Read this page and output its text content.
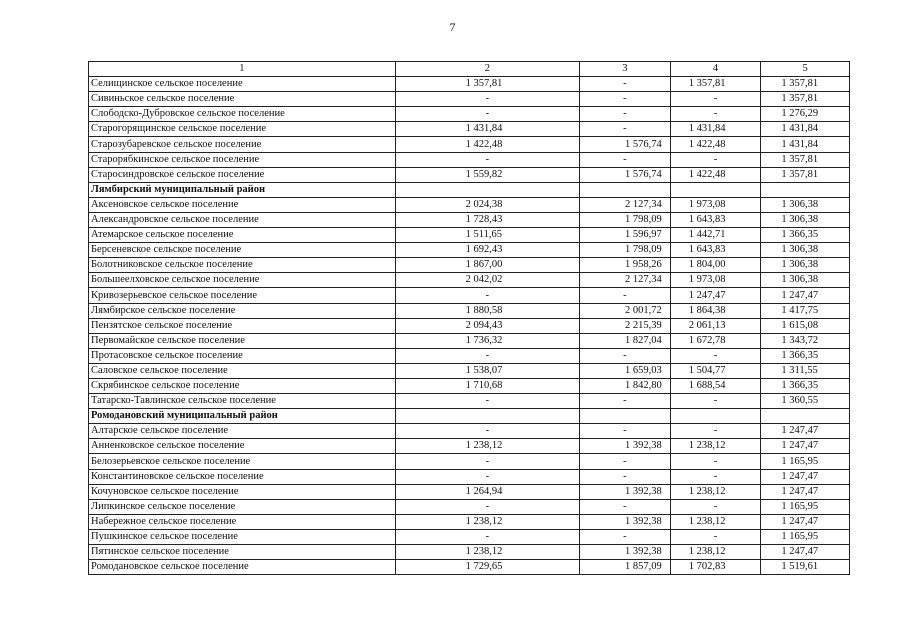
7
1	2	3	4	5
Селищинское сельское поселение	1 357,81	-	1 357,81	1 357,81
Сивиньское сельское поселение	-	-	-	1 357,81
Слободско-Дубровское сельское поселение	-	-	-	1 276,29
Старогорящинское сельское поселение	1 431,84	-	1 431,84	1 431,84
Старозубаревское сельское поселение	1 422,48	1 576,74	1 422,48	1 431,84
Старорябкинское сельское поселение	-	-	-	1 357,81
Старосиндровское сельское поселение	1 559,82	1 576,74	1 422,48	1 357,81
Лямбирский муниципальный район				
Аксеновское сельское поселение	2 024,38	2 127,34	1 973,08	1 306,38
Александровское сельское поселение	1 728,43	1 798,09	1 643,83	1 306,38
Атемарское сельское поселение	1 511,65	1 596,97	1 442,71	1 366,35
Берсеневское сельское поселение	1 692,43	1 798,09	1 643,83	1 306,38
Болотниковское сельское поселение	1 867,00	1 958,26	1 804,00	1 306,38
Большеелховское сельское поселение	2 042,02	2 127,34	1 973,08	1 306,38
Кривозерьевское сельское поселение	-	-	1 247,47	1 247,47
Лямбирское сельское поселение	1 880,58	2 001,72	1 864,38	1 417,75
Пензятское сельское поселение	2 094,43	2 215,39	2 061,13	1 615,08
Первомайское сельское поселение	1 736,32	1 827,04	1 672,78	1 343,72
Протасовское сельское поселение	-	-	-	1 366,35
Саловское сельское поселение	1 538,07	1 659,03	1 504,77	1 311,55
Скрябинское сельское поселение	1 710,68	1 842,80	1 688,54	1 366,35
Татарско-Тавлинское сельское поселение	-	-	-	1 360,55
Ромодановский муниципальный район				
Алтарское сельское поселение	-	-	-	1 247,47
Анненковское сельское поселение	1 238,12	1 392,38	1 238,12	1 247,47
Белозерьевское сельское поселение	-	-	-	1 165,95
Константиновское сельское поселение	-	-	-	1 247,47
Кочуновское сельское поселение	1 264,94	1 392,38	1 238,12	1 247,47
Липкинское сельское поселение	-	-	-	1 165,95
Набережное сельское поселение	1 238,12	1 392,38	1 238,12	1 247,47
Пушкинское сельское поселение	-	-	-	1 165,95
Пятинское сельское поселение	1 238,12	1 392,38	1 238,12	1 247,47
Ромодановское сельское поселение	1 729,65	1 857,09	1 702,83	1 519,61
